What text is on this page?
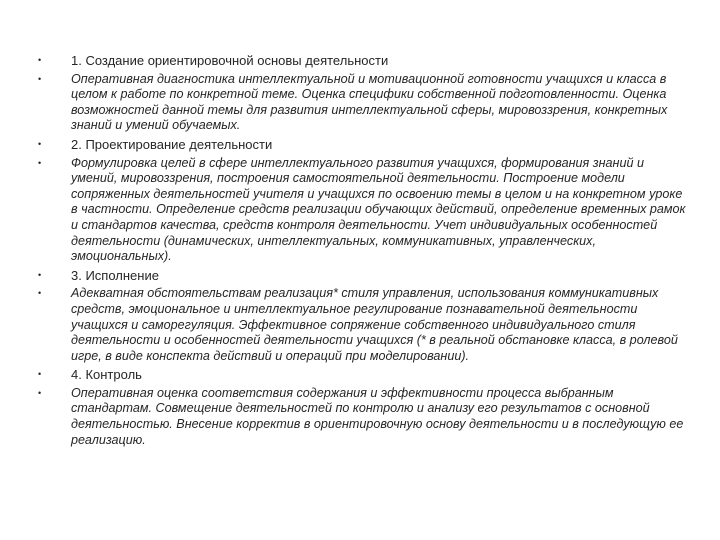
• 1. Создание ориентировочной основы деятельности
• Оперативная диагностика интеллектуальной и мотивационной готовности учащихся и класса в целом к работе по конкретной теме. Оценка специфики собственной подготовленности. Оценка возможностей данной темы для развития интеллектуальной сферы, мировоззрения, конкретных знаний и умений обучаемых.
• 2. Проектирование деятельности
• Формулировка целей в сфере интеллектуального развития учащихся, формирования знаний и умений, мировоззрения, построения самостоятельной деятельности. Построение модели сопряженных деятельностей учителя и учащихся по освоению темы в целом и на конкретном уроке в частности. Определение средств реализации обучающих действий, определение временных рамок и стандартов качества, средств контроля деятельности. Учет индивидуальных особенностей деятельности (динамических, интеллектуальных, коммуникативных, управленческих, эмоциональных).
• 3. Исполнение
• Адекватная обстоятельствам реализация* стиля управления, использования коммуникативных средств, эмоциональное и интеллектуальное регулирование познавательной деятельности учащихся и саморегуляция. Эффективное сопряжение собственного индивидуального стиля деятельности и особенностей деятельности учащихся (* в реальной обстановке класса, в ролевой игре, в виде конспекта действий и операций при моделировании).
• 4. Контроль
• Оперативная оценка соответствия содержания и эффективности процесса выбранным стандартам. Совмещение деятельностей по контролю и анализу его результатов с основной деятельностью. Внесение корректив в ориентировочную основу деятельности и в последующую ее реализацию.
